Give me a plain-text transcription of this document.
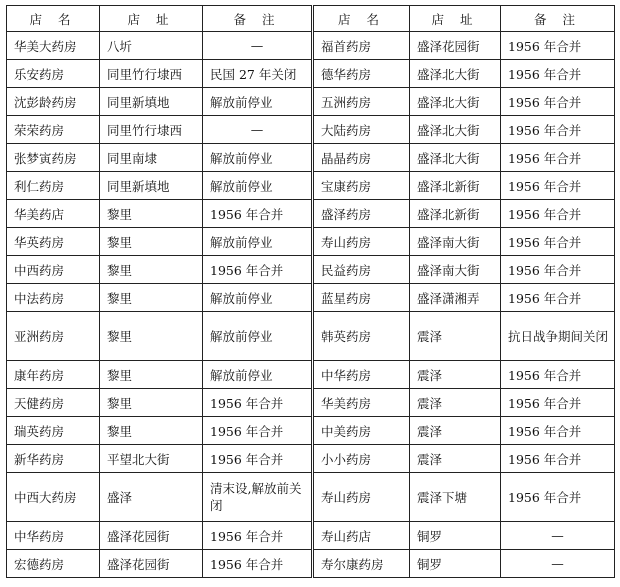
店 名	店 址	备 注	店 名	店 址	备 注
华美大药房	八圻	—	福首药房	盛泽花园街	1956 年合并
乐安药房	同里竹行埭西	民国 27 年关闭	德华药房	盛泽北大街	1956 年合并
沈彭龄药房	同里新填地	解放前停业	五洲药房	盛泽北大街	1956 年合并
荣荣药房	同里竹行埭西	—	大陆药房	盛泽北大街	1956 年合并
张梦寅药房	同里南埭	解放前停业	晶晶药房	盛泽北大街	1956 年合并
利仁药房	同里新填地	解放前停业	宝康药房	盛泽北新街	1956 年合并
华美药店	黎里	1956 年合并	盛泽药房	盛泽北新街	1956 年合并
华英药房	黎里	解放前停业	寿山药房	盛泽南大街	1956 年合并
中西药房	黎里	1956 年合并	民益药房	盛泽南大街	1956 年合并
中法药房	黎里	解放前停业	蓝星药房	盛泽潇湘弄	1956 年合并
亚洲药房	黎里	解放前停业	韩英药房	震泽	抗日战争期间关闭
康年药房	黎里	解放前停业	中华药房	震泽	1956 年合并
天健药房	黎里	1956 年合并	华美药房	震泽	1956 年合并
瑞英药房	黎里	1956 年合并	中美药房	震泽	1956 年合并
新华药房	平望北大街	1956 年合并	小小药房	震泽	1956 年合并
中西大药房	盛泽	清末设,解放前关闭	寿山药房	震泽下塘	1956 年合并
中华药房	盛泽花园街	1956 年合并	寿山药店	铜罗	—
宏德药房	盛泽花园街	1956 年合并	寿尔康药房	铜罗	—
